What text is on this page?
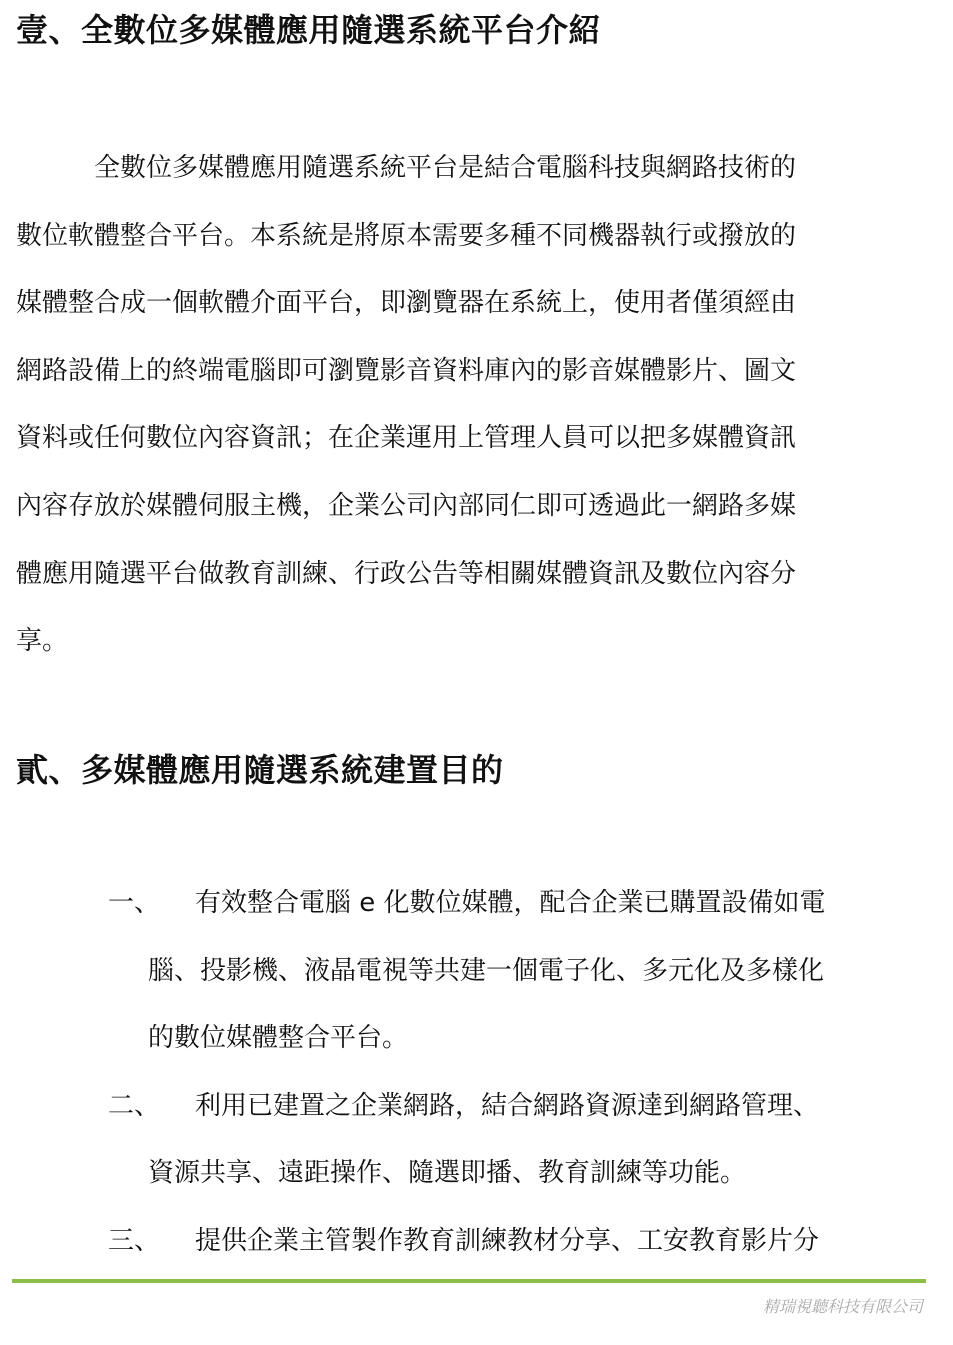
壹、全數位多媒體應用隨選系統平台介紹

全數位多媒體應用隨選系統平台是結合電腦科技與網路技術的
數位軟體整合平台。本系統是將原本需要多種不同機器執行或撥放的
媒體整合成一個軟體介面平台，即瀏覽器在系統上，使用者僅須經由
網路設備上的終端電腦即可瀏覽影音資料庫內的影音媒體影片、圖文
資料或任何數位內容資訊；在企業運用上管理人員可以把多媒體資訊
內容存放於媒體伺服主機，企業公司內部同仁即可透過此一網路多媒
體應用隨選平台做教育訓練、行政公告等相關媒體資訊及數位內容分
享。

貳、多媒體應用隨選系統建置目的
一、 有效整合電腦 e 化數位媒體，配合企業已購置設備如電
腦、投影機、液晶電視等共建一個電子化、多元化及多樣化
的數位媒體整合平台。
二、 利用已建置之企業網路，結合網路資源達到網路管理、
資源共享、遠距操作、隨選即播、教育訓練等功能。
三、 提供企業主管製作教育訓練教材分享、工安教育影片分
精瑞視聽科技有限公司
